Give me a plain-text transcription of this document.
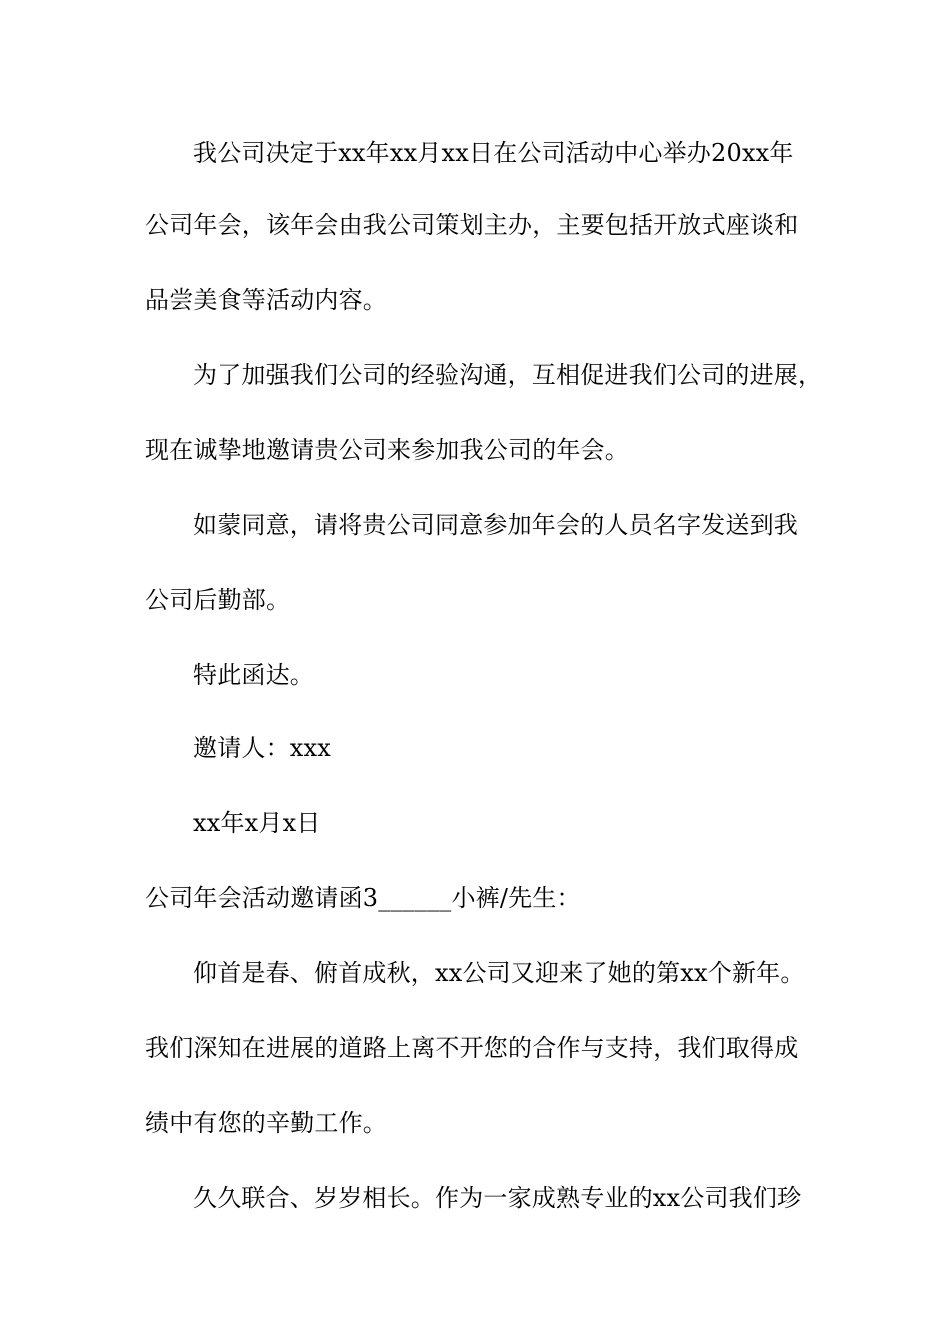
我公司决定于xx年xx月xx日在公司活动中心举办20xx年
公司年会，该年会由我公司策划主办，主要包括开放式座谈和
品尝美食等活动内容。
为了加强我们公司的经验沟通，互相促进我们公司的进展，
现在诚挚地邀请贵公司来参加我公司的年会。
如蒙同意，请将贵公司同意参加年会的人员名字发送到我
公司后勤部。
特此函达。
邀请人：xxx
xx年x月x日
公司年会活动邀请函3______小裤/先生：
仰首是春、俯首成秋，xx公司又迎来了她的第xx个新年。
我们深知在进展的道路上离不开您的合作与支持，我们取得成
绩中有您的辛勤工作。
久久联合、岁岁相长。作为一家成熟专业的xx公司我们珍
